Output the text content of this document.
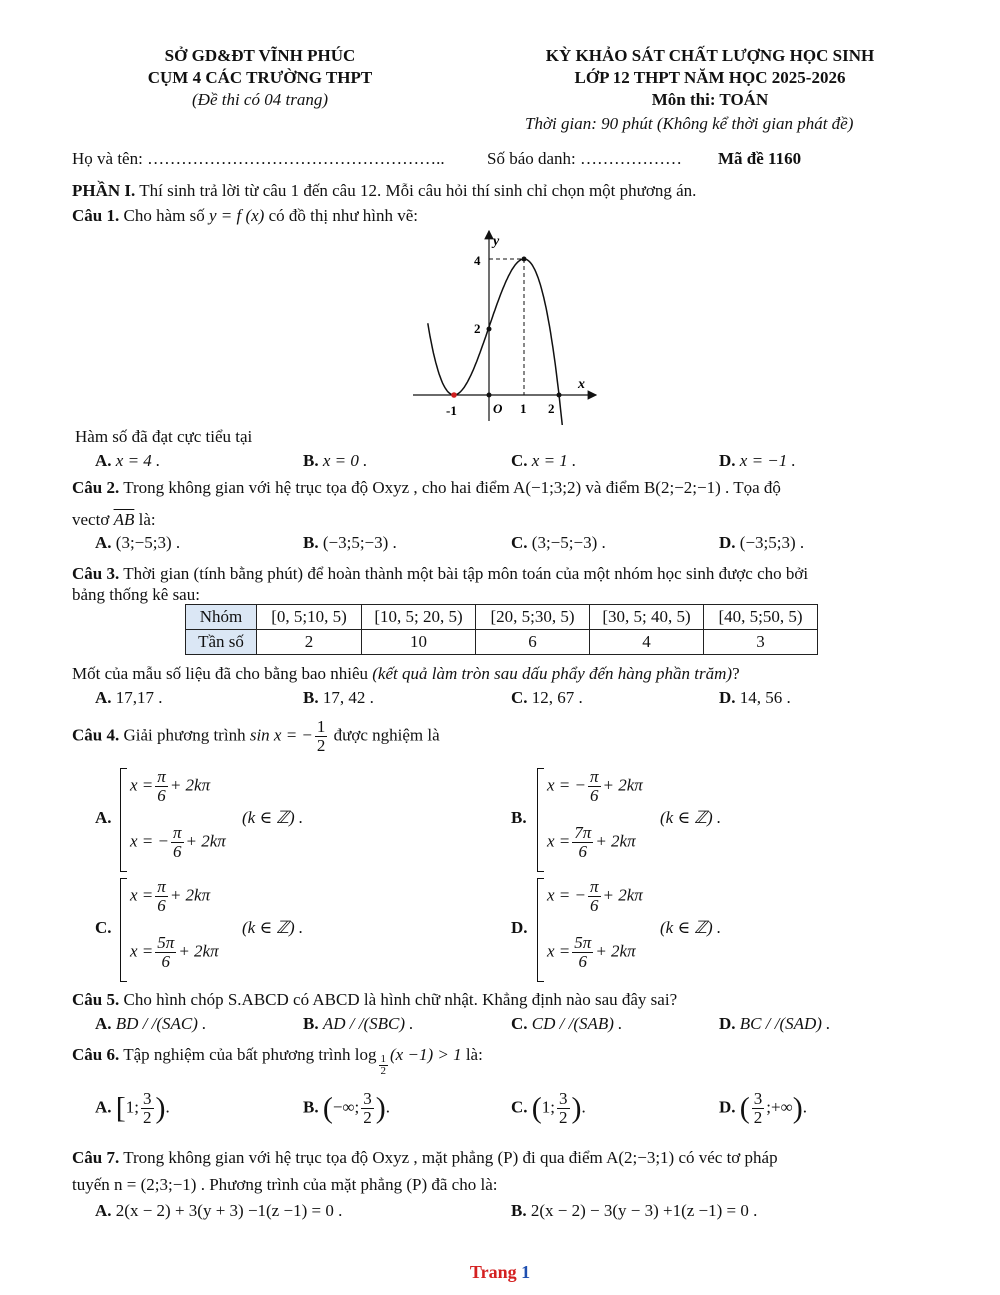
SỞ GD&ĐT VĨNH PHÚC
CỤM 4 CÁC TRƯỜNG THPT
(Đề thi có 04 trang)
KỲ KHẢO SÁT CHẤT LƯỢNG HỌC SINH
LỚP 12 THPT NĂM HỌC 2025-2026
Môn thi: TOÁN
Thời gian: 90 phút (Không kể thời gian phát đề)
Họ và tên: …………………………………………….. Số báo danh: ……………… Mã đề 1160
PHẦN I. Thí sinh trả lời từ câu 1 đến câu 12. Mỗi câu hỏi thí sinh chỉ chọn một phương án.
Câu 1. Cho hàm số y = f (x) có đồ thị như hình vẽ:
y
x
4
2
-1	O 1 2
Hàm số đã đạt cực tiểu tại
A. x = 4 .	B. x = 0 .	C. x = 1 .	D. x = −1 .
Câu 2. Trong không gian với hệ trục tọa độ Oxyz , cho hai điểm A(−1;3;2) và điểm B(2;−2;−1) . Tọa độ
vectơ $\overline{AB}$ là:
A. (3;−5;3) .	B. (−3;5;−3) .	C. (3;−5;−3) .	D. (−3;5;3) .
Câu 3. Thời gian (tính bằng phút) để hoàn thành một bài tập môn toán của một nhóm học sinh được cho bởi
bảng thống kê sau:
Nhóm	[0, 5;10, 5)	[10, 5; 20, 5)	[20, 5;30, 5)	[30, 5; 40, 5)	[40, 5;50, 5)
Tần số	2	10	6	4	3
Mốt của mẫu số liệu đã cho bằng bao nhiêu (kết quả làm tròn sau dấu phẩy đến hàng phần trăm)?
A. 17,17 .	B. 17, 42 .	C. 12, 67 .	D. 14, 56 .
Câu 4. Giải phương trình sin x = − $\frac{1}{2}$ được nghiệm là
A.
$x = \frac{\pi}{6} + 2k\pi$
x = − $\frac{\pi}{6} + 2k\pi$
(k ∈ ℤ) .	B.
x = − $\frac{\pi}{6} + 2k\pi$
$x = \frac{7\pi}{6} + 2k\pi$
(k ∈ ℤ) .
C.
$x = \frac{\pi}{6} + 2k\pi$
$x = \frac{5\pi}{6} + 2k\pi$
(k ∈ ℤ) .	D.
x = − $\frac{\pi}{6} + 2k\pi$
$x = \frac{5\pi}{6} + 2k\pi$
(k ∈ ℤ) .
Câu 5. Cho hình chóp S.ABCD có ABCD là hình chữ nhật. Khẳng định nào sau đây sai?
A. BD / /(SAC) .	B. AD / /(SBC) .	C. CD / /(SAB) .	D. BC / /(SAD) .
Câu 6. Tập nghiệm của bất phương trình $\log \frac{1}{2} (x -1) > 1$ là:
A. [1; $\frac{3}{2}$ ).	B. (−∞; $\frac{3}{2}$ ).	C. (1; $\frac{3}{2}$ ).	D. ( $\frac{3}{2}$ ;+∞).
Câu 7. Trong không gian với hệ trục tọa độ Oxyz , mặt phẳng (P) đi qua điểm A(2;−3;1) có véc tơ pháp
tuyến n = (2;3;−1) . Phương trình của mặt phẳng (P) đã cho là:
A. 2(x − 2) + 3(y + 3) −1(z −1) = 0 .	B. 2(x − 2) − 3(y − 3) +1(z −1) = 0 .
Trang 1
